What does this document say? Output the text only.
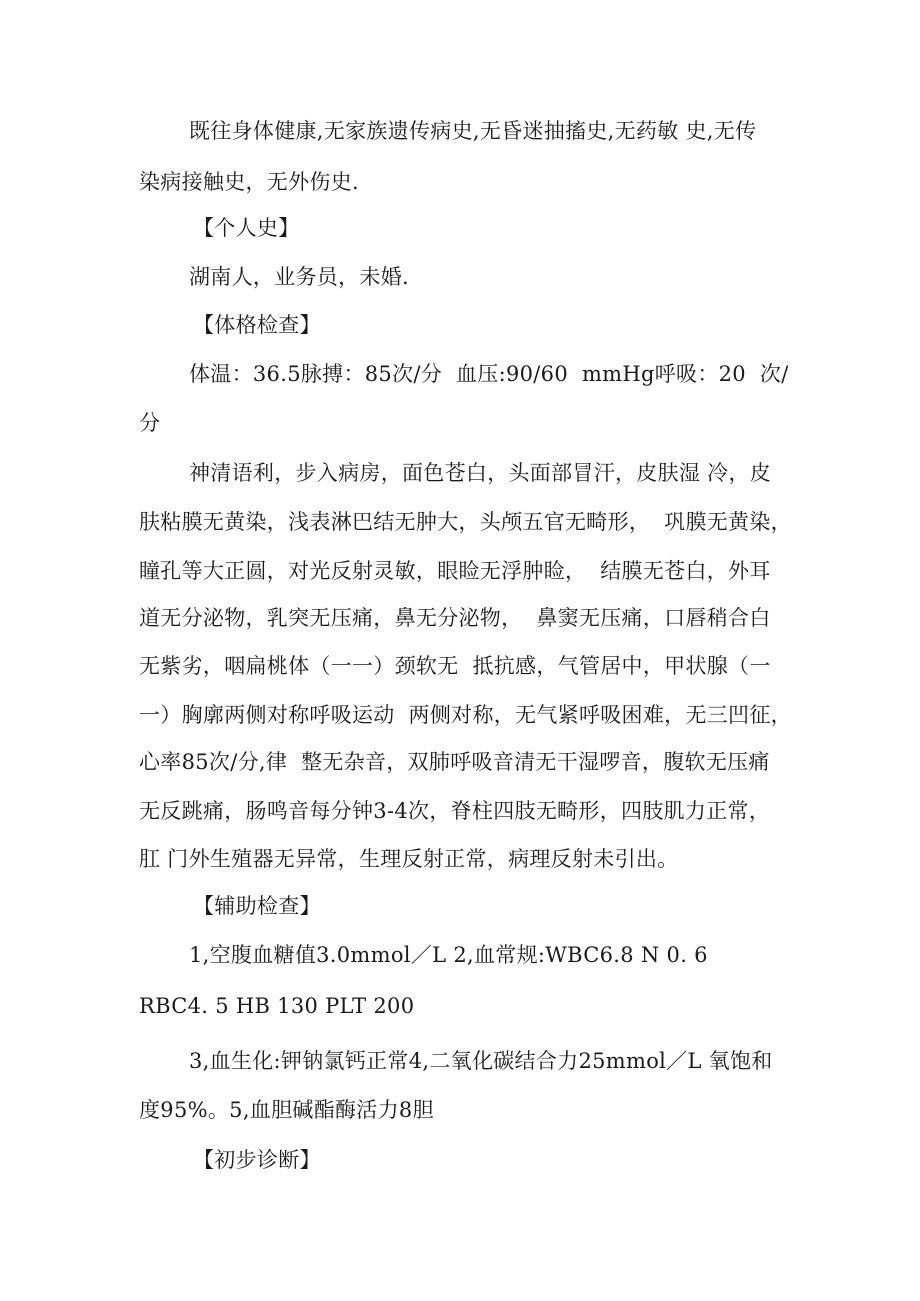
既往身体健康,无家族遗传病史,无昏迷抽搐史,无药敏 史,无传
染病接触史，无外伤史.
【个人史】
湖南人，业务员，未婚.
【体格检查】
体温：36.5脉搏：85次/分  血压:90/60  mmHg呼吸：20  次/
分
神清语利，步入病房，面色苍白，头面部冒汗，皮肤湿 冷，皮
肤粘膜无黄染，浅表淋巴结无肿大，头颅五官无畸形，  巩膜无黄染，
瞳孔等大正圆，对光反射灵敏，眼睑无浮肿睑，  结膜无苍白，外耳
道无分泌物，乳突无压痛，鼻无分泌物，  鼻窦无压痛，口唇稍合白
无紫劣，咽扁桃体（一一）颈软无  抵抗感，气管居中，甲状腺（一
一）胸廓两侧对称呼吸运动  两侧对称，无气紧呼吸困难，无三凹征，
心率85次/分,律  整无杂音，双肺呼吸音清无干湿啰音，腹软无压痛
无反跳痛，肠鸣音每分钟3-4次，脊柱四肢无畸形，四肢肌力正常，
肛 门外生殖器无异常，生理反射正常，病理反射未引出。
【辅助检查】
1,空腹血糖值3.0mmol／L 2,血常规:WBC6.8 N 0. 6
RBC4. 5 HB 130 PLT 200
3,血生化:钾钠氯钙正常4,二氧化碳结合力25mmol／L 氧饱和
度95%。5,血胆碱酯酶活力8胆
【初步诊断】
